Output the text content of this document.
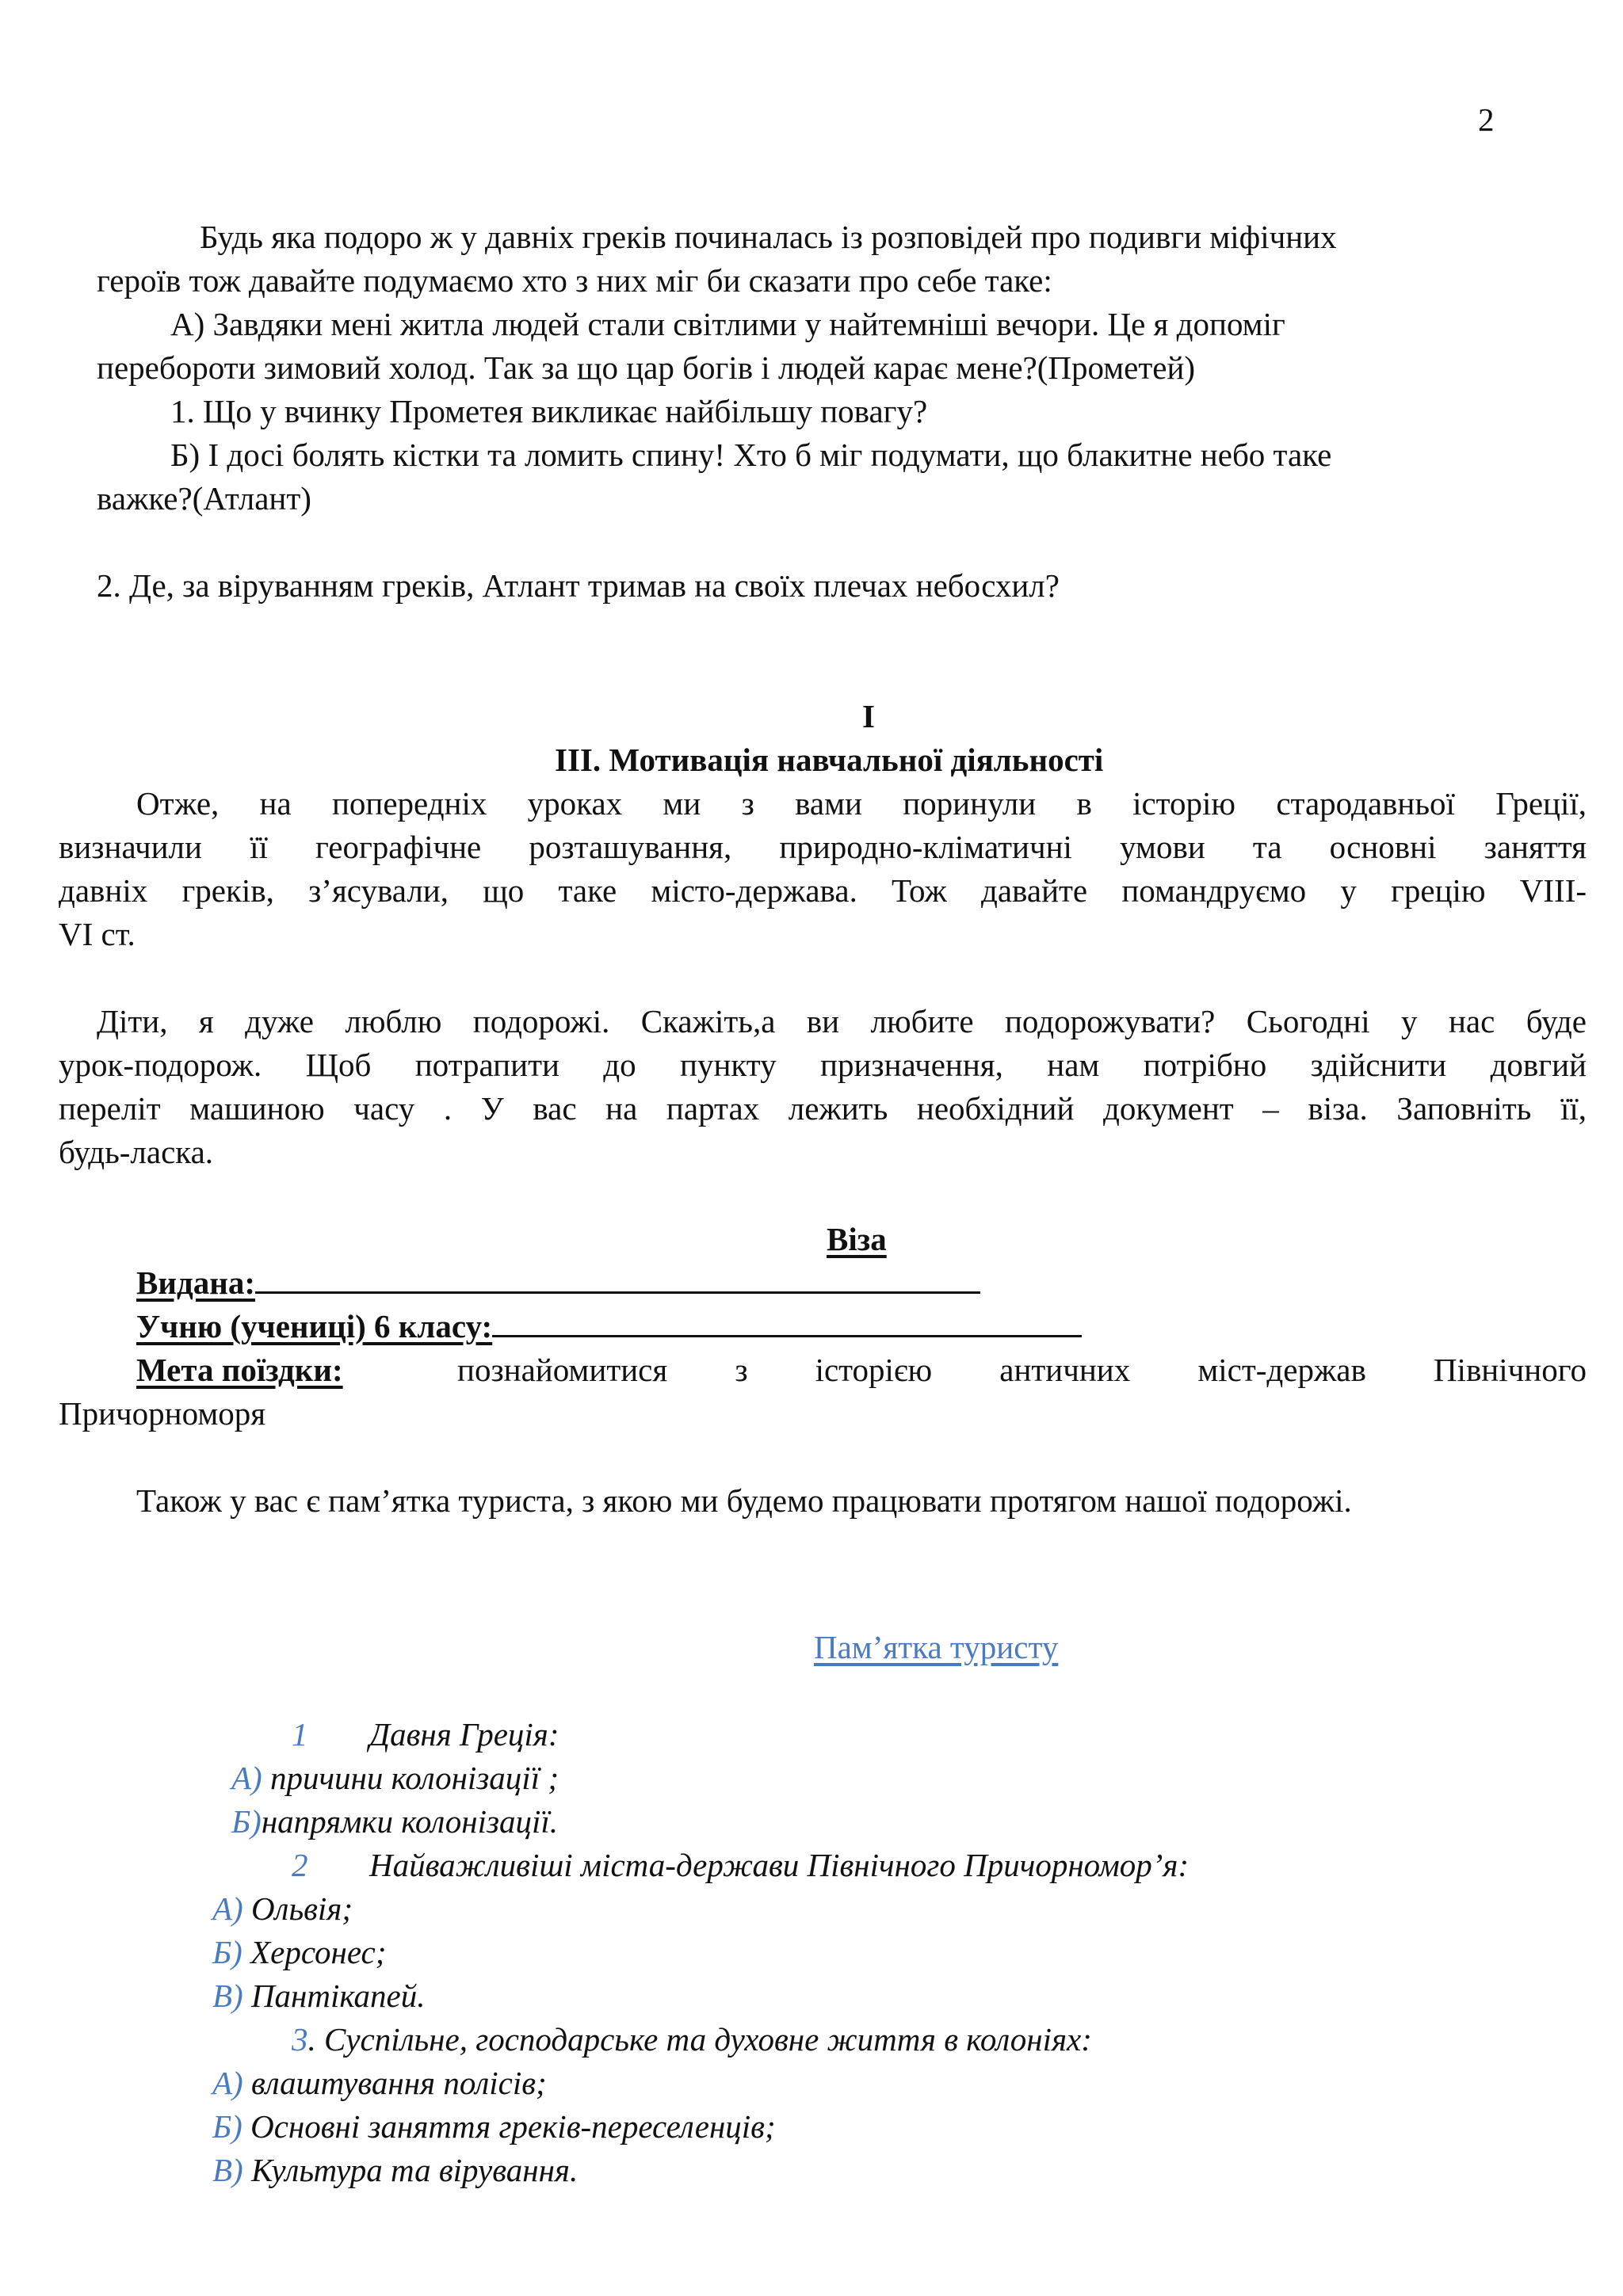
2
Будь яка подоро ж у давніх греків починалась із розповідей про подивги міфічних
героїв тож давайте подумаємо хто з них міг би сказати про себе таке:
А) Завдяки мені житла людей стали світлими у найтемніші вечори. Це я допоміг
перебороти зимовий холод. Так за що цар богів і людей карає мене?(Прометей)
1. Що у вчинку Прометея викликає найбільшу повагу?
Б) І досі болять кістки та ломить спину! Хто б міг подумати, що блакитне небо таке
важке?(Атлант)
2. Де, за віруванням греків, Атлант тримав на своїх плечах небосхил?
І
ІІІ. Мотивація навчальної діяльності
Отже, на попередніх уроках ми з вами поринули в історію стародавньої Греції,
визначили її географічне розташування, природно-кліматичні умови та основні заняття
давніх греків, з’ясували, що таке місто-держава. Тож давайте помандруємо у грецію VIII-
VI ст.
Діти, я дуже люблю подорожі. Скажіть,а ви любите подорожувати? Сьогодні у нас буде
урок-подорож. Щоб потрапити до пункту призначення, нам потрібно здійснити довгий
переліт машиною часу . У вас на партах лежить необхідний документ – віза. Заповніть її,
будь-ласка.
Віза
Видана:
Учню (учениці) 6 класу:
Мета поїздки:	познайомитися з історією античних міст-держав Північного
Причорноморя
Також у вас є пам’ятка туриста, з якою ми будемо працювати протягом нашої подорожі.
Пам’ятка туристу
1 Давня Греція:
А) причини колонізації ;
Б)напрямки колонізації.
2 Найважливіші міста-держави Північного Причорномор’я:
А) Ольвія;
Б) Херсонес;
В) Пантікапей.
3. Суспільне, господарське та духовне життя в колоніях:
А) влаштування полісів;
Б) Основні заняття греків-переселенців;
В) Культура та вірування.
